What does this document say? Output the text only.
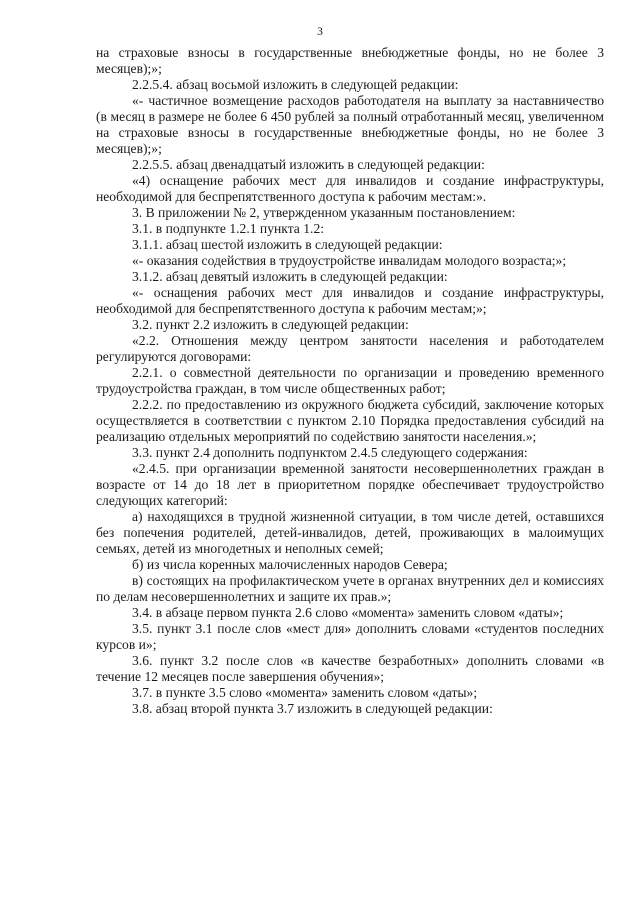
3

на страховые взносы в государственные внебюджетные фонды, но не более 3 месяцев);»;

2.2.5.4. абзац восьмой изложить в следующей редакции:

«- частичное возмещение расходов работодателя на выплату за наставничество (в месяц в размере не более 6 450 рублей за полный отработанный месяц, увеличенном на страховые взносы в государственные внебюджетные фонды, но не более 3 месяцев);»;

2.2.5.5. абзац двенадцатый изложить в следующей редакции:

«4) оснащение рабочих мест для инвалидов и создание инфраструктуры, необходимой для беспрепятственного доступа к рабочим местам:».

3. В приложении № 2, утвержденном указанным постановлением:

3.1. в подпункте 1.2.1 пункта 1.2:

3.1.1. абзац шестой изложить в следующей редакции:

«- оказания содействия в трудоустройстве инвалидам молодого возраста;»;

3.1.2. абзац девятый изложить в следующей редакции:

«- оснащения рабочих мест для инвалидов и создание инфраструктуры, необходимой для беспрепятственного доступа к рабочим местам;»;

3.2. пункт 2.2 изложить в следующей редакции:

«2.2. Отношения между центром занятости населения и работодателем регулируются договорами:

2.2.1. о совместной деятельности по организации и проведению временного трудоустройства граждан, в том числе общественных работ;

2.2.2. по предоставлению из окружного бюджета субсидий, заключение которых осуществляется в соответствии с пунктом 2.10 Порядка предоставления субсидий на реализацию отдельных мероприятий по содействию занятости населения.»;

3.3. пункт 2.4 дополнить подпунктом 2.4.5 следующего содержания:

«2.4.5. при организации временной занятости несовершеннолетних граждан в возрасте от 14 до 18 лет в приоритетном порядке обеспечивает трудоустройство следующих категорий:

а) находящихся в трудной жизненной ситуации, в том числе детей, оставшихся без попечения родителей, детей-инвалидов, детей, проживающих в малоимущих семьях, детей из многодетных и неполных семей;

б) из числа коренных малочисленных народов Севера;

в) состоящих на профилактическом учете в органах внутренних дел и комиссиях по делам несовершеннолетних и защите их прав.»;

3.4. в абзаце первом пункта 2.6 слово «момента» заменить словом «даты»;

3.5. пункт 3.1 после слов «мест для» дополнить словами «студентов последних курсов и»;

3.6. пункт 3.2 после слов «в качестве безработных» дополнить словами «в течение 12 месяцев после завершения обучения»;

3.7. в пункте 3.5 слово «момента» заменить словом «даты»;

3.8. абзац второй пункта 3.7 изложить в следующей редакции:
